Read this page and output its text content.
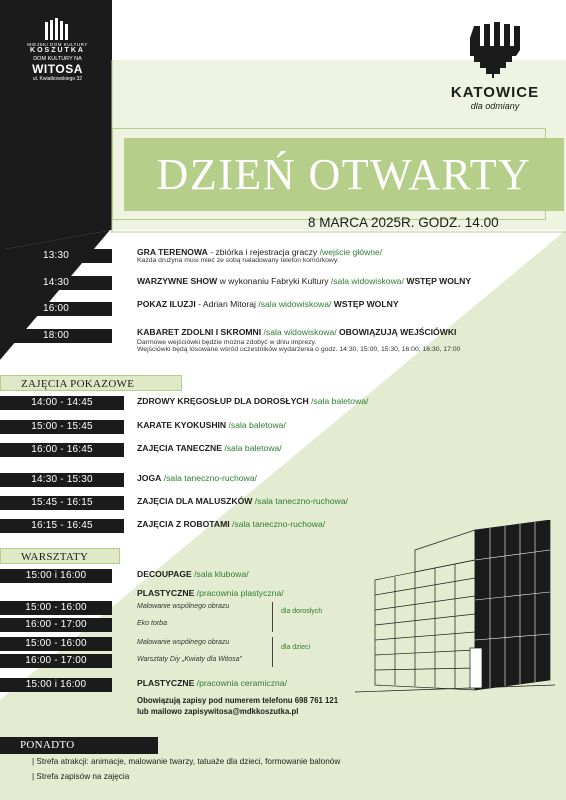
MIEJSKI DOM KULTURY
KOSZUTKA
DOM KULTURY NA
WITOSA
ul. Kwiatkowskiego 32
KATOWICE
dla odmiany
DZIEŃ OTWARTY
8 MARCA 2025R. GODZ. 14.00
13:30	GRA TERENOWA - zbiórka i rejestracja graczy /wejście główne/
Każda drużyna musi mieć ze sobą naładowany telefon komórkowy.
14:30	WARZYWNE SHOW w wykonaniu Fabryki Kultury /sala widowiskowa/ WSTĘP WOLNY
16:00	POKAZ ILUZJI - Adrian Mitoraj /sala widowiskowa/ WSTĘP WOLNY
18:00	KABARET ZDOLNI I SKROMNI /sala widowiskowa/ OBOWIĄZUJĄ WEJŚCIÓWKI
Darmowe wejściówki będzie można zdobyć w dniu imprezy.
Wejściówki będą losowane wśród uczestników wydarzenia o godz. 14:30, 15:00, 15:30, 16:00, 16:30, 17:00
ZAJĘCIA POKAZOWE
14:00 - 14:45	ZDROWY KRĘGOSŁUP DLA DOROSŁYCH /sala baletowa/
15:00 - 15:45	KARATE KYOKUSHIN /sala baletowa/
16:00 - 16:45	ZAJĘCIA TANECZNE /sala baletowa/
14:30 - 15:30	JOGA /sala taneczno-ruchowa/
15:45 - 16:15	ZAJĘCIA DLA MALUSZKÓW /sala taneczno-ruchowa/
16:15 - 16:45	ZAJĘCIA Z ROBOTAMI /sala taneczno-ruchowa/
WARSZTATY
15:00 i 16:00	DECOUPAGE /sala klubowa/
PLASTYCZNE /pracownia plastyczna/
15:00 - 16:00	Malowanie wspólnego obrazu
16:00 - 17:00	Eko torba
dla dorosłych
15:00 - 16:00	Malowanie wspólnego obrazu
16:00 - 17:00	Warsztaty Diy „Kwiaty dla Witosa”
dla dzieci
15:00 i 16:00	PLASTYCZNE /pracownia ceramiczna/
Obowiązują zapisy pod numerem telefonu 698 761 121
lub mailowo zapisywitosa@mdkkoszutka.pl
PONADTO
| Strefa atrakcji: animacje, malowanie twarzy, tatuaże dla dzieci, formowanie balonów
| Strefa zapisów na zajęcia
